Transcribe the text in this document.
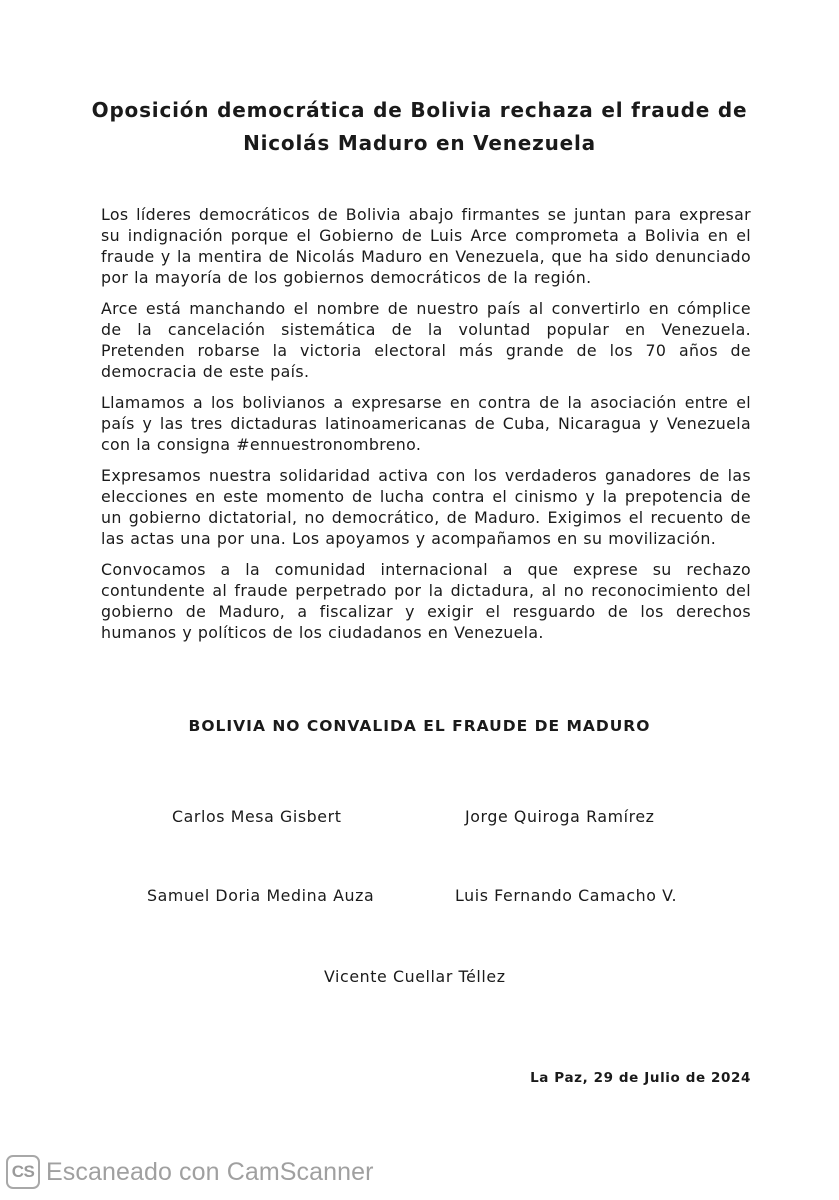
Oposición democrática de Bolivia rechaza el fraude de Nicolás Maduro en Venezuela

Los líderes democráticos de Bolivia abajo firmantes se juntan para expresar su indignación porque el Gobierno de Luis Arce comprometa a Bolivia en el fraude y la mentira de Nicolás Maduro en Venezuela, que ha sido denunciado por la mayoría de los gobiernos democráticos de la región.

Arce está manchando el nombre de nuestro país al convertirlo en cómplice de la cancelación sistemática de la voluntad popular en Venezuela. Pretenden robarse la victoria electoral más grande de los 70 años de democracia de este país.

Llamamos a los bolivianos a expresarse en contra de la asociación entre el país y las tres dictaduras latinoamericanas de Cuba, Nicaragua y Venezuela con la consigna #ennuestronombreno.

Expresamos nuestra solidaridad activa con los verdaderos ganadores de las elecciones en este momento de lucha contra el cinismo y la prepotencia de un gobierno dictatorial, no democrático, de Maduro. Exigimos el recuento de las actas una por una. Los apoyamos y acompañamos en su movilización.

Convocamos a la comunidad internacional a que exprese su rechazo contundente al fraude perpetrado por la dictadura, al no reconocimiento del gobierno de Maduro, a fiscalizar y exigir el resguardo de los derechos humanos y políticos de los ciudadanos en Venezuela.

BOLIVIA NO CONVALIDA EL FRAUDE DE MADURO

Carlos Mesa Gisbert	Jorge Quiroga Ramírez
Samuel Doria Medina Auza	Luis Fernando Camacho V.
Vicente Cuellar Téllez
La Paz, 29 de Julio de 2024
CS Escaneado con CamScanner
